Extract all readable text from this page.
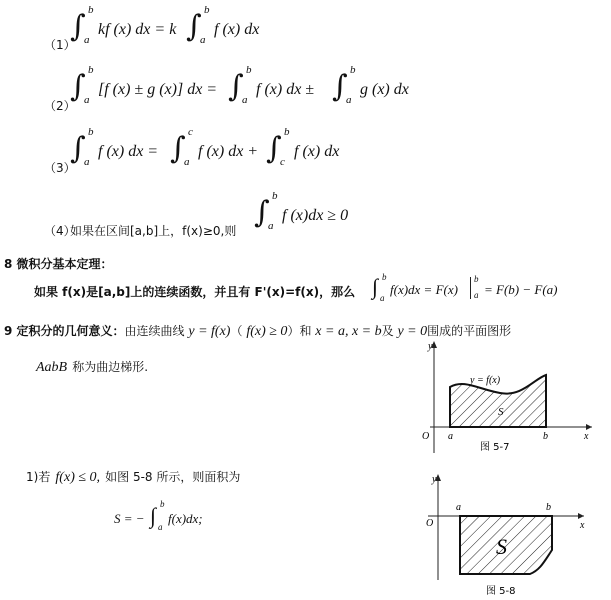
（1）
∫ b
a
kf (x) dx = k ∫ b
a
f (x) dx
（2）
∫ b
a
[f (x) ± g (x)] dx = ∫ b
a
f (x) dx ± ∫ b
a
g (x) dx
（3）
∫ b
a
f (x) dx = ∫ c
a
f (x) dx + ∫ b
c
f (x) dx
（4）
如果在区间[a,b]上，f(x)≥0,则
∫ b
a
f (x)dx ≥ 0
8 微积分基本定理：
如果 f(x)是[a,b]上的连续函数，并且有 F'(x)=f(x)，那么 ∫ b
a
f(x)dx = F(x)
b
a = F(b) − F(a)
9 定积分的几何意义：由连续曲线 y = f(x)（ f(x) ≥ 0）和 x = a, x = b及 y = 0围成的平面图形
AabB 称为曲边梯形.
y
y = f(x)
S
O a	b	x
图 5-7
1)若 f(x) ≤ 0, 如图 5-8 所示，则面积为
S = − ∫ b
a
f(x)dx;
y
S
O
a	b
x
图 5-8
